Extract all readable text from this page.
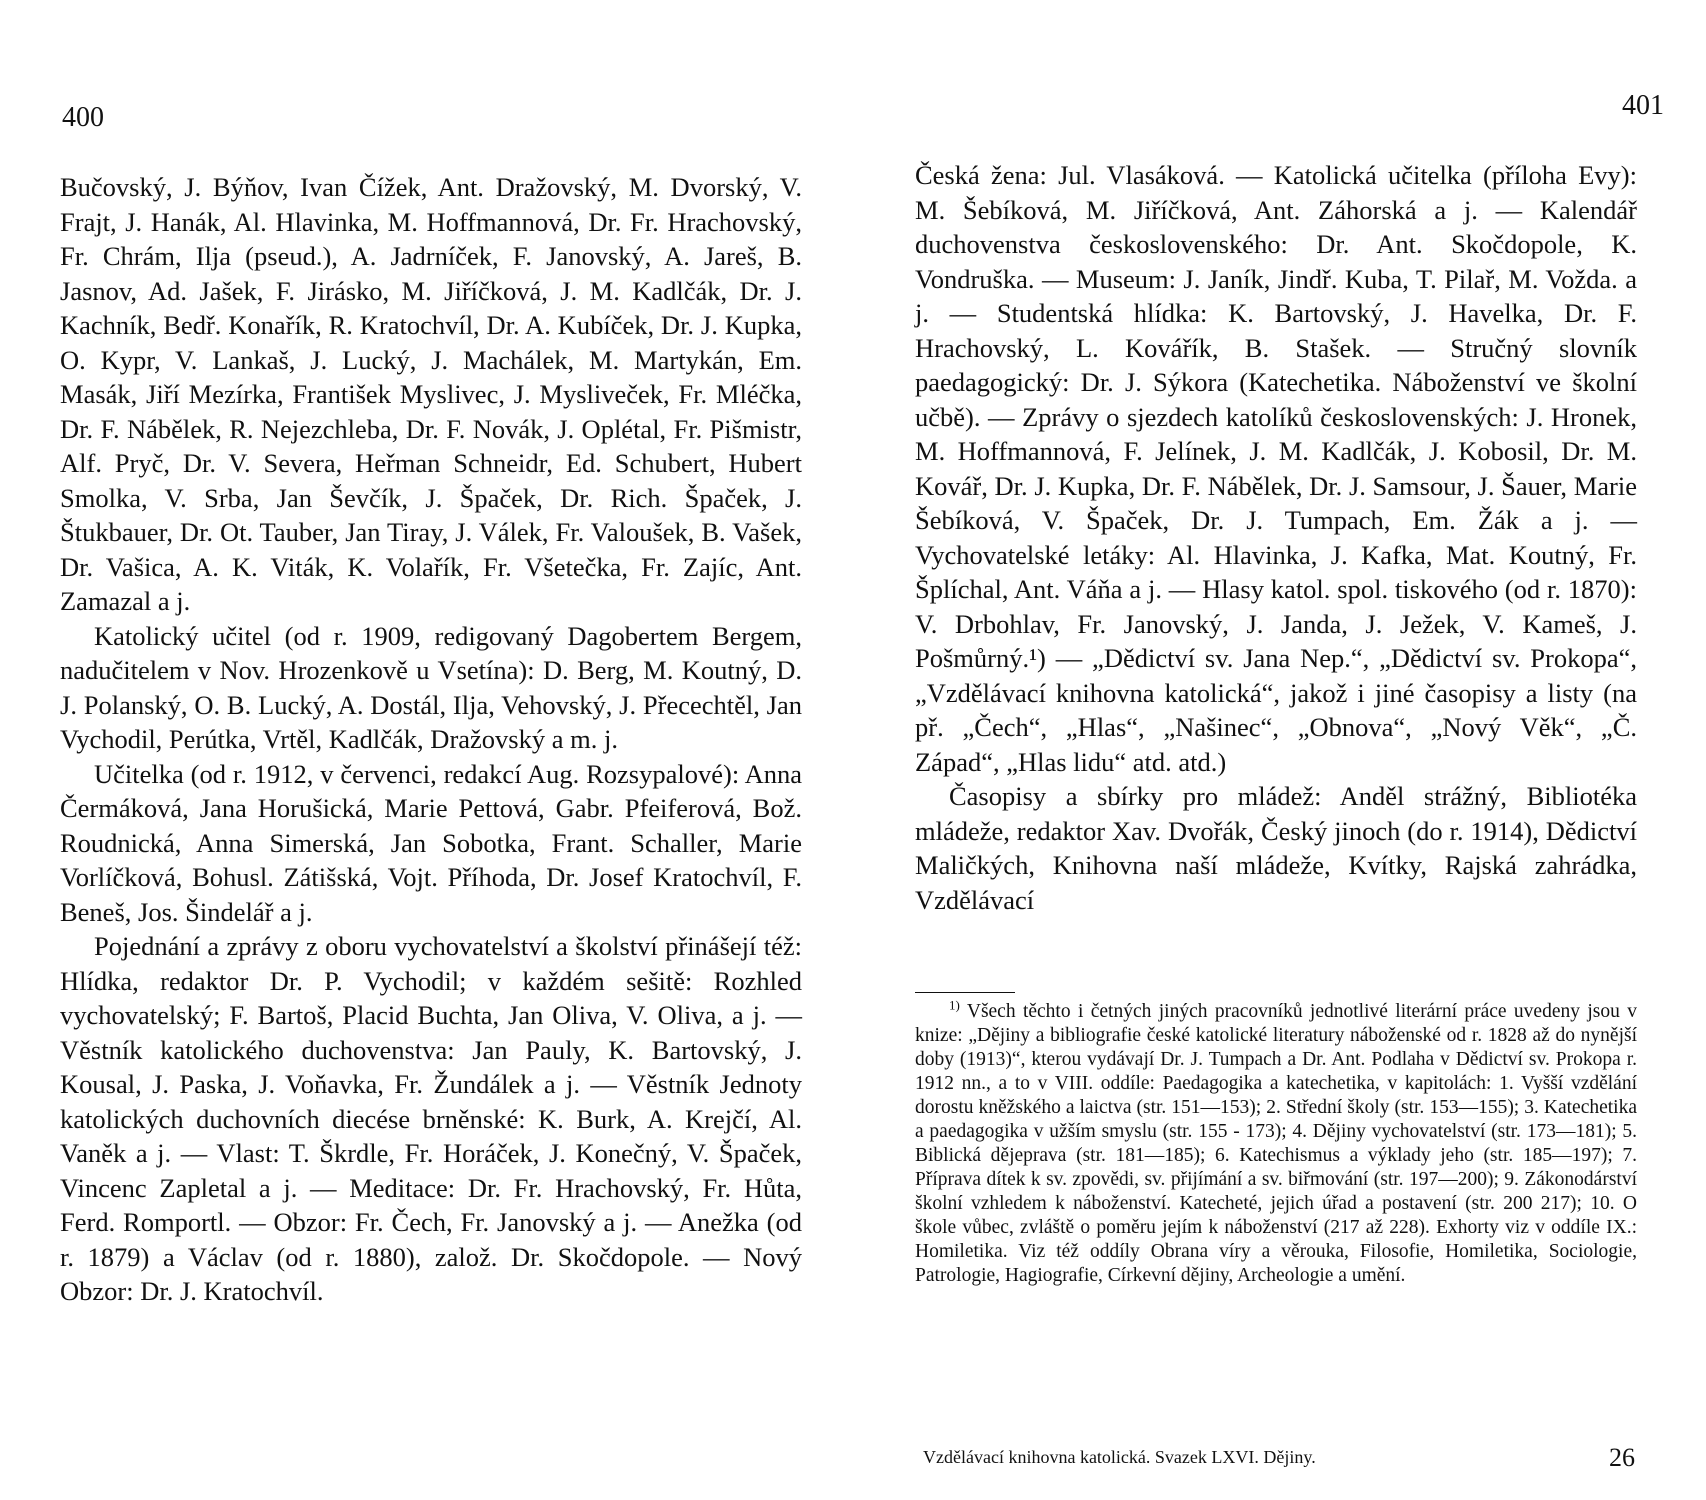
400

Bučovský, J. Býňov, Ivan Čížek, Ant. Dražovský, M. Dvorský, V. Frajt, J. Hanák, Al. Hlavinka, M. Hoffmannová, Dr. Fr. Hrachovský, Fr. Chrám, Ilja (pseud.), A. Jadrníček, F. Janovský, A. Jareš, B. Jasnov, Ad. Jašek, F. Jirásko, M. Jiříčková, J. M. Kadlčák, Dr. J. Kachník, Bedř. Konařík, R. Kratochvíl, Dr. A. Kubíček, Dr. J. Kupka, O. Kypr, V. Lankaš, J. Lucký, J. Machálek, M. Martykán, Em. Masák, Jiří Mezírka, František Myslivec, J. Mysliveček, Fr. Mléčka, Dr. F. Nábělek, R. Nejezchleba, Dr. F. Novák, J. Oplétal, Fr. Pišmistr, Alf. Pryč, Dr. V. Severa, Heřman Schneidr, Ed. Schubert, Hubert Smolka, V. Srba, Jan Ševčík, J. Špaček, Dr. Rich. Špaček, J. Štukbauer, Dr. Ot. Tauber, Jan Tiray, J. Válek, Fr. Valoušek, B. Vašek, Dr. Vašica, A. K. Viták, K. Volařík, Fr. Všetečka, Fr. Zajíc, Ant. Zamazal a j.

Katolický učitel (od r. 1909, redigovaný Dagobertem Bergem, nadučitelem v Nov. Hrozenkově u Vsetína): D. Berg, M. Koutný, D. J. Polanský, O. B. Lucký, A. Dostál, Ilja, Vehovský, J. Přecechtěl, Jan Vychodil, Perútka, Vrtěl, Kadlčák, Dražovský a m. j.

Učitelka (od r. 1912, v červenci, redakcí Aug. Rozsypalové): Anna Čermáková, Jana Horušická, Marie Pettová, Gabr. Pfeiferová, Bož. Roudnická, Anna Simerská, Jan Sobotka, Frant. Schaller, Marie Vorlíčková, Bohusl. Zátišská, Vojt. Příhoda, Dr. Josef Kratochvíl, F. Beneš, Jos. Šindelář a j.

Pojednání a zprávy z oboru vychovatelství a školství přinášejí též: Hlídka, redaktor Dr. P. Vychodil; v každém sešitě: Rozhled vychovatelský; F. Bartoš, Placid Buchta, Jan Oliva, V. Oliva, a j. — Věstník katolického duchovenstva: Jan Pauly, K. Bartovský, J. Kousal, J. Paska, J. Voňavka, Fr. Žundálek a j. — Věstník Jednoty katolických duchovních diecése brněnské: K. Burk, A. Krejčí, Al. Vaněk a j. — Vlast: T. Škrdle, Fr. Horáček, J. Konečný, V. Špaček, Vincenc Zapletal a j. — Meditace: Dr. Fr. Hrachovský, Fr. Hůta, Ferd. Romportl. — Obzor: Fr. Čech, Fr. Janovský a j. — Anežka (od r. 1879) a Václav (od r. 1880), založ. Dr. Skočdopole. — Nový Obzor: Dr. J. Kratochvíl.

401

Česká žena: Jul. Vlasáková. — Katolická učitelka (příloha Evy): M. Šebíková, M. Jiříčková, Ant. Záhorská a j. — Kalendář duchovenstva československého: Dr. Ant. Skočdopole, K. Vondruška. — Museum: J. Janík, Jindř. Kuba, T. Pilař, M. Vožda. a j. — Studentská hlídka: K. Bartovský, J. Havelka, Dr. F. Hrachovský, L. Kovářík, B. Stašek. — Stručný slovník paedagogický: Dr. J. Sýkora (Katechetika. Náboženství ve školní učbě). — Zprávy o sjezdech katolíků československých: J. Hronek, M. Hoffmannová, F. Jelínek, J. M. Kadlčák, J. Kobosil, Dr. M. Kovář, Dr. J. Kupka, Dr. F. Nábělek, Dr. J. Samsour, J. Šauer, Marie Šebíková, V. Špaček, Dr. J. Tumpach, Em. Žák a j. — Vychovatelské letáky: Al. Hlavinka, J. Kafka, Mat. Koutný, Fr. Šplíchal, Ant. Váňa a j. — Hlasy katol. spol. tiskového (od r. 1870): V. Drbohlav, Fr. Janovský, J. Janda, J. Ježek, V. Kameš, J. Pošmůrný.¹) — „Dědictví sv. Jana Nep.“, „Dědictví sv. Prokopa“, „Vzdělávací knihovna katolická“, jakož i jiné časopisy a listy (na př. „Čech“, „Hlas“, „Našinec“, „Obnova“, „Nový Věk“, „Č. Západ“, „Hlas lidu“ atd. atd.)

Časopisy a sbírky pro mládež: Anděl strážný, Bibliotéka mládeže, redaktor Xav. Dvořák, Český jinoch (do r. 1914), Dědictví Maličkých, Knihovna naší mládeže, Kvítky, Rajská zahrádka, Vzdělávací

$^{1)}$ Všech těchto i četných jiných pracovníků jednotlivé literární práce uvedeny jsou v knize: „Dějiny a bibliografie české katolické literatury náboženské od r. 1828 až do nynější doby (1913)“, kterou vydávají Dr. J. Tumpach a Dr. Ant. Podlaha v Dědictví sv. Prokopa r. 1912 nn., a to v VIII. oddíle: Paedagogika a katechetika, v kapitolách: 1. Vyšší vzdělání dorostu kněžského a laictva (str. 151—153); 2. Střední školy (str. 153—155); 3. Katechetika a paedagogika v užším smyslu (str. 155 - 173); 4. Dějiny vychovatelství (str. 173—181); 5. Biblická dějeprava (str. 181—185); 6. Katechismus a výklady jeho (str. 185—197); 7. Příprava dítek k sv. zpovědi, sv. přijímání a sv. biřmování (str. 197—200); 9. Zákonodárství školní vzhledem k náboženství. Katecheté, jejich úřad a postavení (str. 200 217); 10. O škole vůbec, zvláště o poměru jejím k náboženství (217 až 228). Exhorty viz v oddíle IX.: Homiletika. Viz též oddíly Obrana víry a věrouka, Filosofie, Homiletika, Sociologie, Patrologie, Hagiografie, Církevní dějiny, Archeologie a umění.

Vzdělávací knihovna katolická. Svazek LXVI. Dějiny.	26
